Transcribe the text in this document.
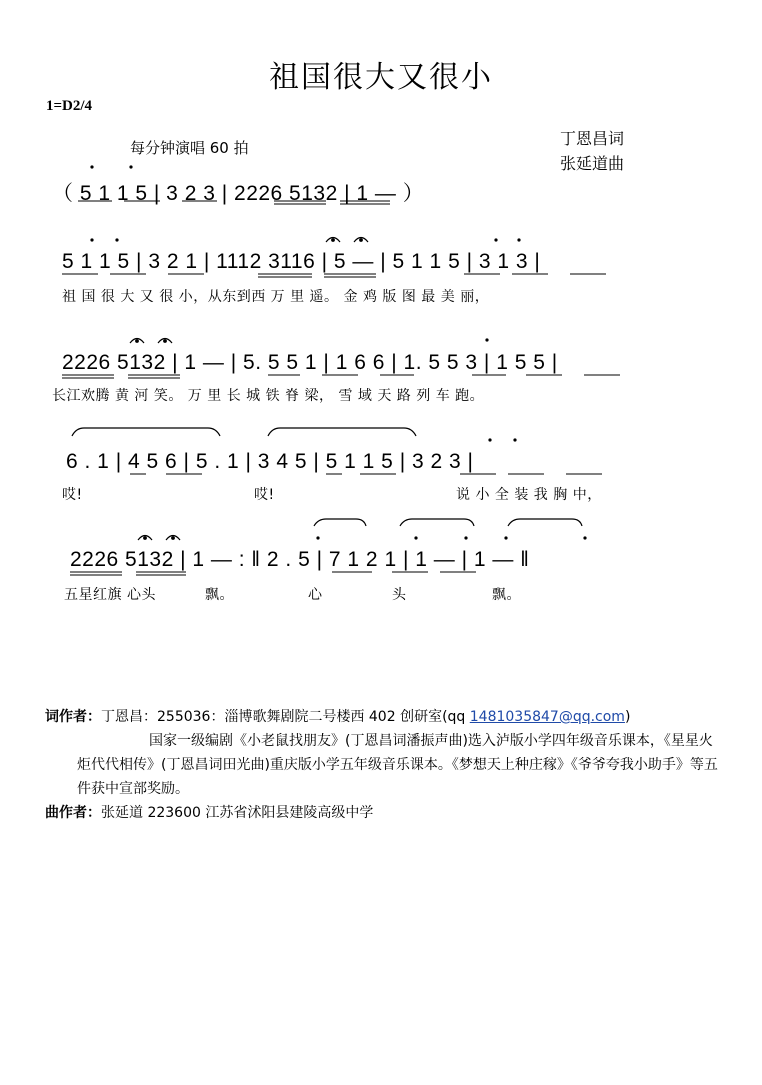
祖国很大又很小
1=D2/4
每分钟演唱 60 拍	丁恩昌词
张延道曲
（ 5 1 1 5 | 3 2 3 | 2226 5132 | 1 — ）
5 1 1 5 | 3 2 1 | 1112 3116 | 5 — | 5 1 1 5 | 3 1 3 |
祖 国 很 大 又 很 小，从东到西 万 里 遥。 金 鸡 版 图 最 美 丽，
2226 5132 | 1 — | 5. 5 5 1 | 1 6 6 | 1. 5 5 3 | 1 5 5 |
长江欢腾 黄 河 笑。 万 里 长 城 铁 脊 梁， 雪 域 天 路 列 车 跑。
6 . 1 | 4 5 6 | 5 . 1 | 3 4 5 | 5 1 1 5 | 3 2 3 |
哎!	哎!	说 小 全 装 我 胸 中，
2226 5132 | 1 — : ‖ 2 . 5 | 7 1 2 1 | 1 — | 1 — ‖
五星红旗 心头	飘。	心	头	飘。

词作者：丁恩昌：255036：淄博歌舞剧院二号楼西 402 创研室(qq 1481035847@qq.com)

国家一级编剧《小老鼠找朋友》(丁恩昌词潘振声曲)选入泸版小学四年级音乐课本，《星星火炬代代相传》(丁恩昌词田光曲)重庆版小学五年级音乐课本。《梦想天上种庄稼》《爷爷夸我小助手》等五件获中宣部奖励。

曲作者：张延道 223600 江苏省沭阳县建陵高级中学
